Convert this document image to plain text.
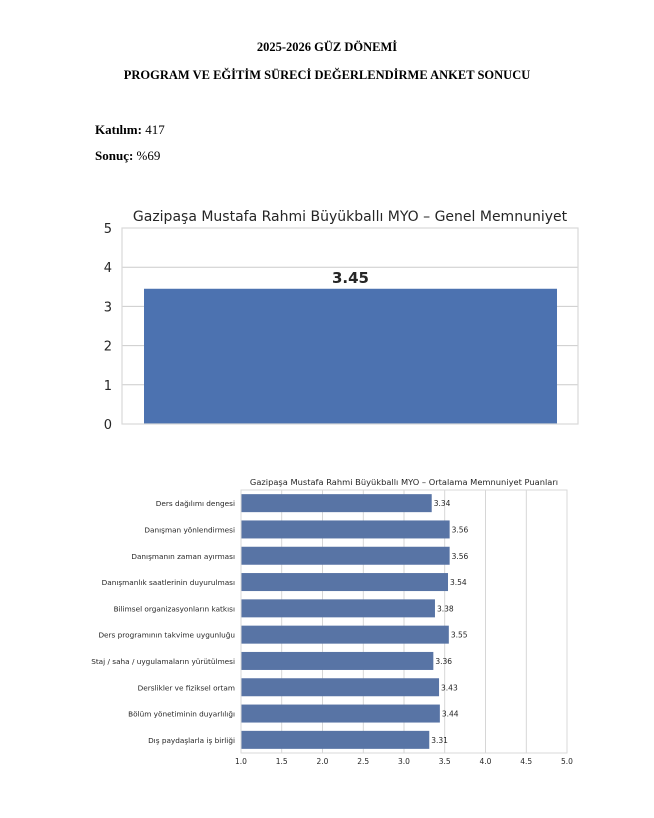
2025-2026 GÜZ DÖNEMİ
PROGRAM VE EĞİTİM SÜRECİ DEĞERLENDİRME ANKET SONUCU
Katılım: 417
Sonuç: %69
Gazipaşa Mustafa Rahmi Büyükballı MYO – Genel Memnuniyet
0
1
2
3
4
5
3.45
Gazipaşa Mustafa Rahmi Büyükballı MYO – Ortalama Memnuniyet Puanları
1.0	1.5	2.0	2.5	3.0	3.5	4.0	4.5	5.0
Ders dağılımı dengesi	3.34
Danışman yönlendirmesi	3.56
Danışmanın zaman ayırması	3.56
Danışmanlık saatlerinin duyurulması	3.54
Bilimsel organizasyonların katkısı	3.38
Ders programının takvime uygunluğu	3.55
Staj / saha / uygulamaların yürütülmesi	3.36
Derslikler ve fiziksel ortam	3.43
Bölüm yönetiminin duyarlılığı	3.44
Dış paydaşlarla iş birliği	3.31
